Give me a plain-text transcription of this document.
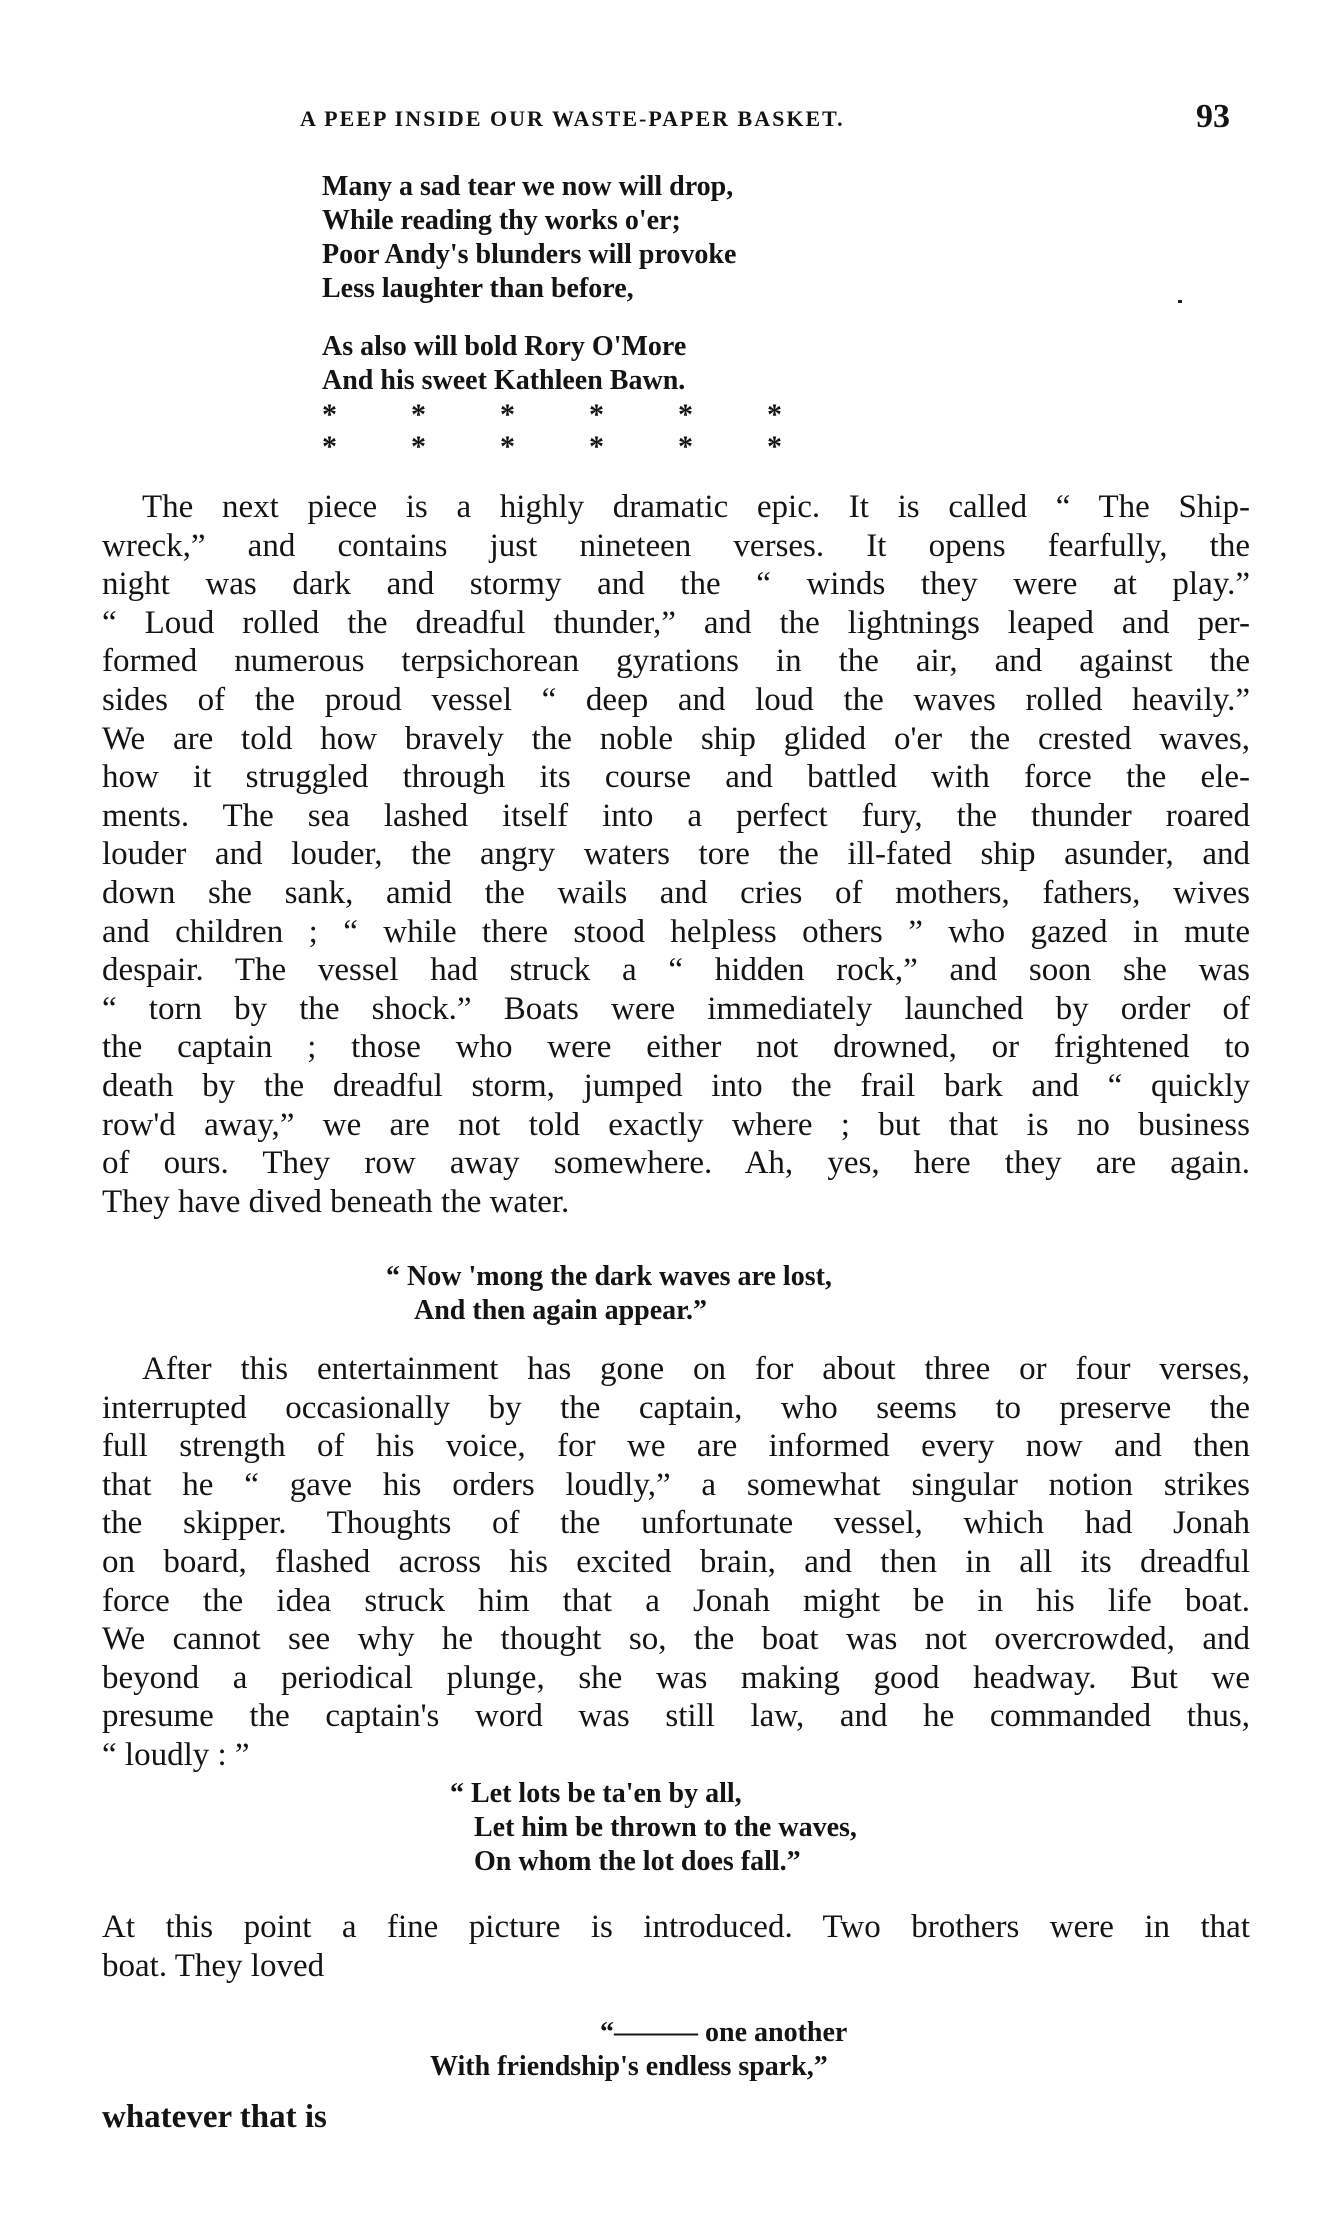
A PEEP INSIDE OUR WASTE-PAPER BASKET.	93
Many a sad tear we now will drop,
While reading thy works o'er;
Poor Andy's blunders will provoke
Less laughter than before,
As also will bold Rory O'More
And his sweet Kathleen Bawn.
* * * * * *
* * * * * *
The next piece is a highly dramatic epic. It is called “ The Ship-
wreck,” and contains just nineteen verses. It opens fearfully, the
night was dark and stormy and the “ winds they were at play.”
“ Loud rolled the dreadful thunder,” and the lightnings leaped and per-
formed numerous terpsichorean gyrations in the air, and against the
sides of the proud vessel “ deep and loud the waves rolled heavily.”
We are told how bravely the noble ship glided o'er the crested waves,
how it struggled through its course and battled with force the ele-
ments. The sea lashed itself into a perfect fury, the thunder roared
louder and louder, the angry waters tore the ill-fated ship asunder, and
down she sank, amid the wails and cries of mothers, fathers, wives
and children ; “ while there stood helpless others ” who gazed in mute
despair. The vessel had struck a “ hidden rock,” and soon she was
“ torn by the shock.” Boats were immediately launched by order of
the captain ; those who were either not drowned, or frightened to
death by the dreadful storm, jumped into the frail bark and “ quickly
row'd away,” we are not told exactly where ; but that is no business
of ours. They row away somewhere. Ah, yes, here they are again.
They have dived beneath the water.
“ Now 'mong the dark waves are lost,
And then again appear.”
After this entertainment has gone on for about three or four verses,
interrupted occasionally by the captain, who seems to preserve the
full strength of his voice, for we are informed every now and then
that he “ gave his orders loudly,” a somewhat singular notion strikes
the skipper. Thoughts of the unfortunate vessel, which had Jonah
on board, flashed across his excited brain, and then in all its dreadful
force the idea struck him that a Jonah might be in his life boat.
We cannot see why he thought so, the boat was not overcrowded, and
beyond a periodical plunge, she was making good headway. But we
presume the captain's word was still law, and he commanded thus,
“ loudly : ”
“ Let lots be ta'en by all,
Let him be thrown to the waves,
On whom the lot does fall.”
At this point a fine picture is introduced. Two brothers were in that
boat. They loved
“——— one another
With friendship's endless spark,”
whatever that is
